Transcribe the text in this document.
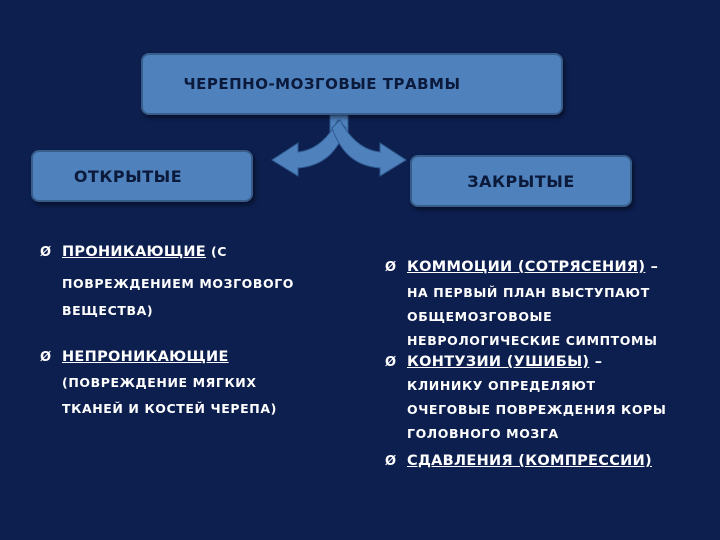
ЧЕРЕПНО-МОЗГОВЫЕ ТРАВМЫ
ОТКРЫТЫЕ	ЗАКРЫТЫЕ
Ø ПРОНИКАЮЩИЕ (С
ПОВРЕЖДЕНИЕМ МОЗГОВОГО
ВЕЩЕСТВА)
Ø НЕПРОНИКАЮЩИЕ
(ПОВРЕЖДЕНИЕ МЯГКИХ
ТКАНЕЙ И КОСТЕЙ ЧЕРЕПА)
Ø КОММОЦИИ (СОТРЯСЕНИЯ) –
НА ПЕРВЫЙ ПЛАН ВЫСТУПАЮТ
ОБЩЕМОЗГОВОЫЕ
НЕВРОЛОГИЧЕСКИЕ СИМПТОМЫ
Ø КОНТУЗИИ (УШИБЫ) –
КЛИНИКУ ОПРЕДЕЛЯЮТ
ОЧЕГОВЫЕ ПОВРЕЖДЕНИЯ КОРЫ
ГОЛОВНОГО МОЗГА
Ø СДАВЛЕНИЯ (КОМПРЕССИИ)
